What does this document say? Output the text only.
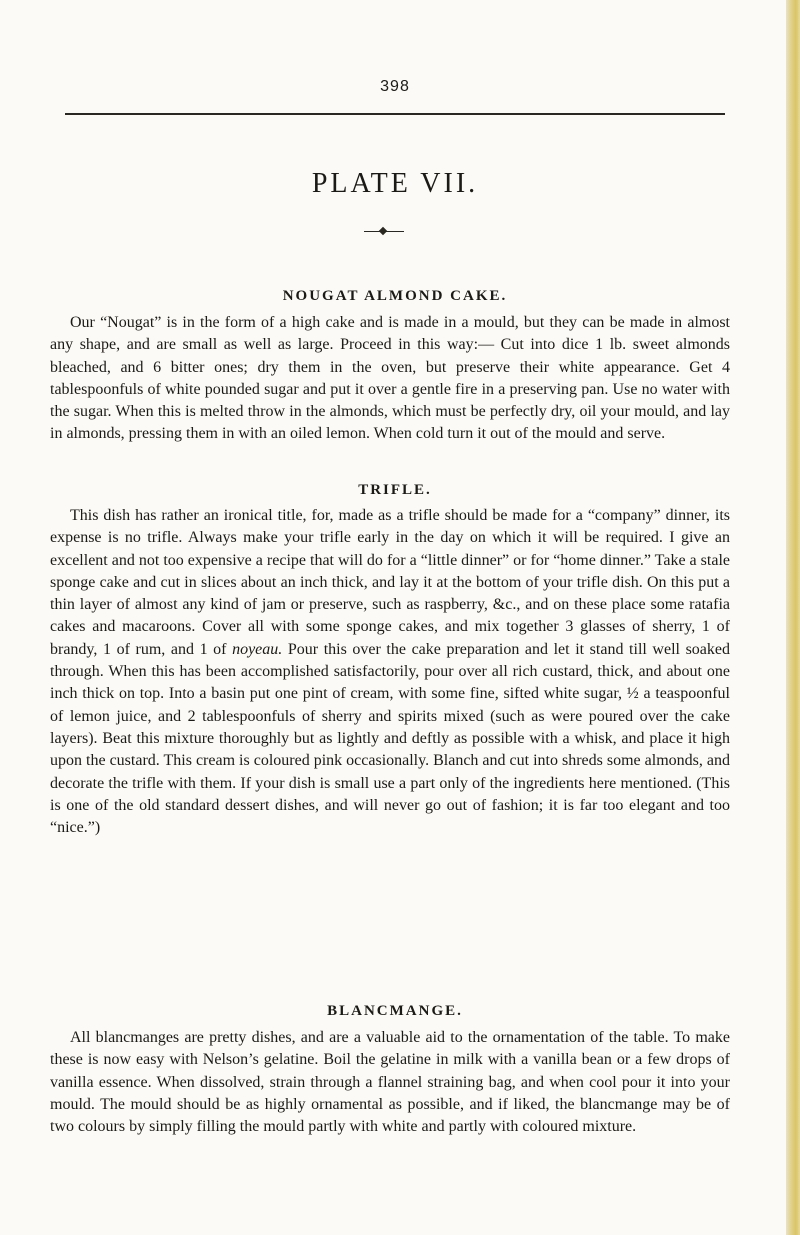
398
PLATE VII.
NOUGAT ALMOND CAKE.

Our “Nougat” is in the form of a high cake and is made in a mould, but they can be made in almost any shape, and are small as well as large. Proceed in this way:— Cut into dice 1 lb. sweet almonds bleached, and 6 bitter ones; dry them in the oven, but preserve their white appearance. Get 4 tablespoonfuls of white pounded sugar and put it over a gentle fire in a preserving pan. Use no water with the sugar. When this is melted throw in the almonds, which must be perfectly dry, oil your mould, and lay in almonds, pressing them in with an oiled lemon. When cold turn it out of the mould and serve.

TRIFLE.

This dish has rather an ironical title, for, made as a trifle should be made for a “company” dinner, its expense is no trifle. Always make your trifle early in the day on which it will be required. I give an excellent and not too expensive a recipe that will do for a “little dinner” or for “home dinner.” Take a stale sponge cake and cut in slices about an inch thick, and lay it at the bottom of your trifle dish. On this put a thin layer of almost any kind of jam or preserve, such as raspberry, &c., and on these place some ratafia cakes and macaroons. Cover all with some sponge cakes, and mix together 3 glasses of sherry, 1 of brandy, 1 of rum, and 1 of noyeau. Pour this over the cake preparation and let it stand till well soaked through. When this has been accomplished satisfactorily, pour over all rich custard, thick, and about one inch thick on top. Into a basin put one pint of cream, with some fine, sifted white sugar, ½ a teaspoonful of lemon juice, and 2 tablespoonfuls of sherry and spirits mixed (such as were poured over the cake layers). Beat this mixture thoroughly but as lightly and deftly as possible with a whisk, and place it high upon the custard. This cream is coloured pink occasionally. Blanch and cut into shreds some almonds, and decorate the trifle with them. If your dish is small use a part only of the ingredients here mentioned. (This is one of the old standard dessert dishes, and will never go out of fashion; it is far too elegant and too “nice.”)

BLANCMANGE.

All blancmanges are pretty dishes, and are a valuable aid to the ornamentation of the table. To make these is now easy with Nelson’s gelatine. Boil the gelatine in milk with a vanilla bean or a few drops of vanilla essence. When dissolved, strain through a flannel straining bag, and when cool pour it into your mould. The mould should be as highly ornamental as possible, and if liked, the blancmange may be of two colours by simply filling the mould partly with white and partly with coloured mixture.
